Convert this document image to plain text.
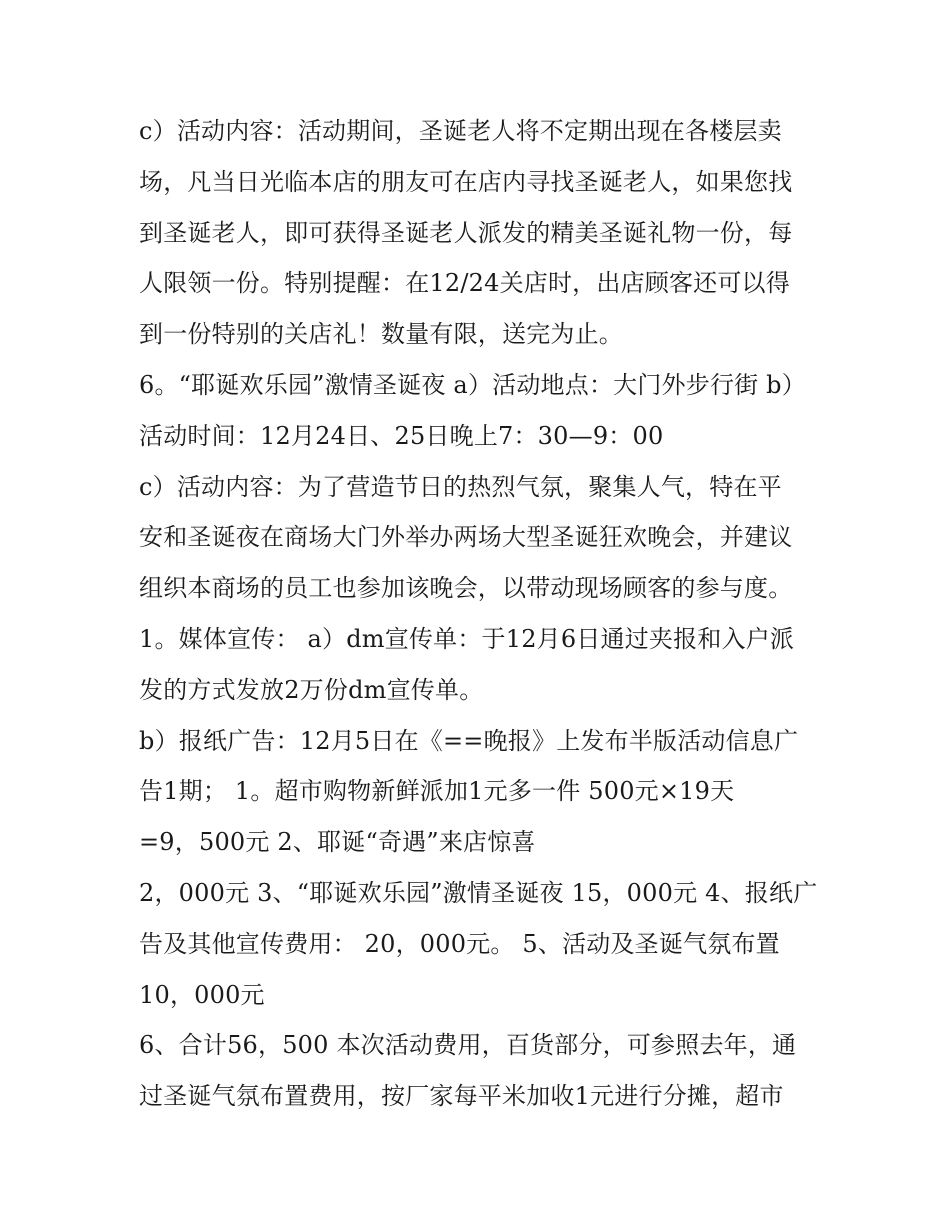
c）活动内容：活动期间，圣诞老人将不定期出现在各楼层卖

场，凡当日光临本店的朋友可在店内寻找圣诞老人，如果您找

到圣诞老人，即可获得圣诞老人派发的精美圣诞礼物一份，每

人限领一份。特别提醒：在12/24关店时，出店顾客还可以得

到一份特别的关店礼！数量有限，送完为止。

6。“耶诞欢乐园”激情圣诞夜 a）活动地点：大门外步行街 b）

活动时间：12月24日、25日晚上7：30—9：00

c）活动内容：为了营造节日的热烈气氛，聚集人气，特在平

安和圣诞夜在商场大门外举办两场大型圣诞狂欢晚会，并建议

组织本商场的员工也参加该晚会，以带动现场顾客的参与度。

1。媒体宣传： a）dm宣传单：于12月6日通过夹报和入户派

发的方式发放2万份dm宣传单。

b）报纸广告：12月5日在《==晚报》上发布半版活动信息广

告1期； 1。超市购物新鲜派加1元多一件 500元×19天

=9，500元 2、耶诞“奇遇”来店惊喜

2，000元 3、“耶诞欢乐园”激情圣诞夜 15，000元 4、报纸广

告及其他宣传费用： 20，000元。 5、活动及圣诞气氛布置

10，000元

6、合计56，500 本次活动费用，百货部分，可参照去年，通

过圣诞气氛布置费用，按厂家每平米加收1元进行分摊，超市
